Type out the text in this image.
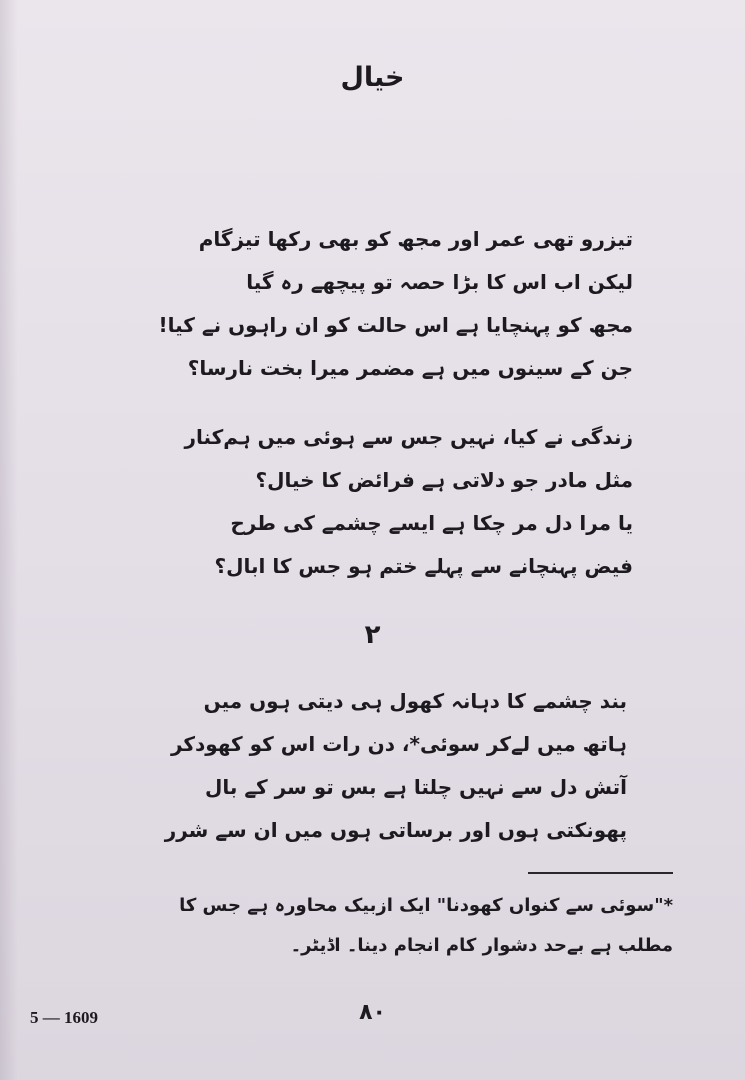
خیال
تیزرو تھی عمر اور مجھ کو بھی رکھا تیزگام
لیکن اب اس کا بڑا حصہ تو پیچھے رہ گیا
مجھ کو پہنچایا ہے اس حالت کو ان راہوں نے کیا!
جن کے سینوں میں ہے مضمر میرا بخت نارسا؟
زندگی نے کیا، نہیں جس سے ہوئی میں ہم‌کنار
مثل مادر جو دلاتی ہے فرائض کا خیال؟
یا مرا دل مر چکا ہے ایسے چشمے کی طرح
فیض پہنچانے سے پہلے ختم ہو جس کا ابال؟
۲
بند چشمے کا دہانہ کھول ہی دیتی ہوں میں
ہاتھ میں لےکر سوئی*، دن رات اس کو کھودکر
آتش دل سے نہیں چلتا ہے بس تو سر کے بال
پھونکتی ہوں اور برساتی ہوں میں ان سے شرر
*"سوئی سے کنواں کھودنا" ایک ازبیک محاورہ ہے جس کا
مطلب ہے بےحد دشوار کام انجام دینا۔ اڈیٹر۔
۸۰
5 — 1609
